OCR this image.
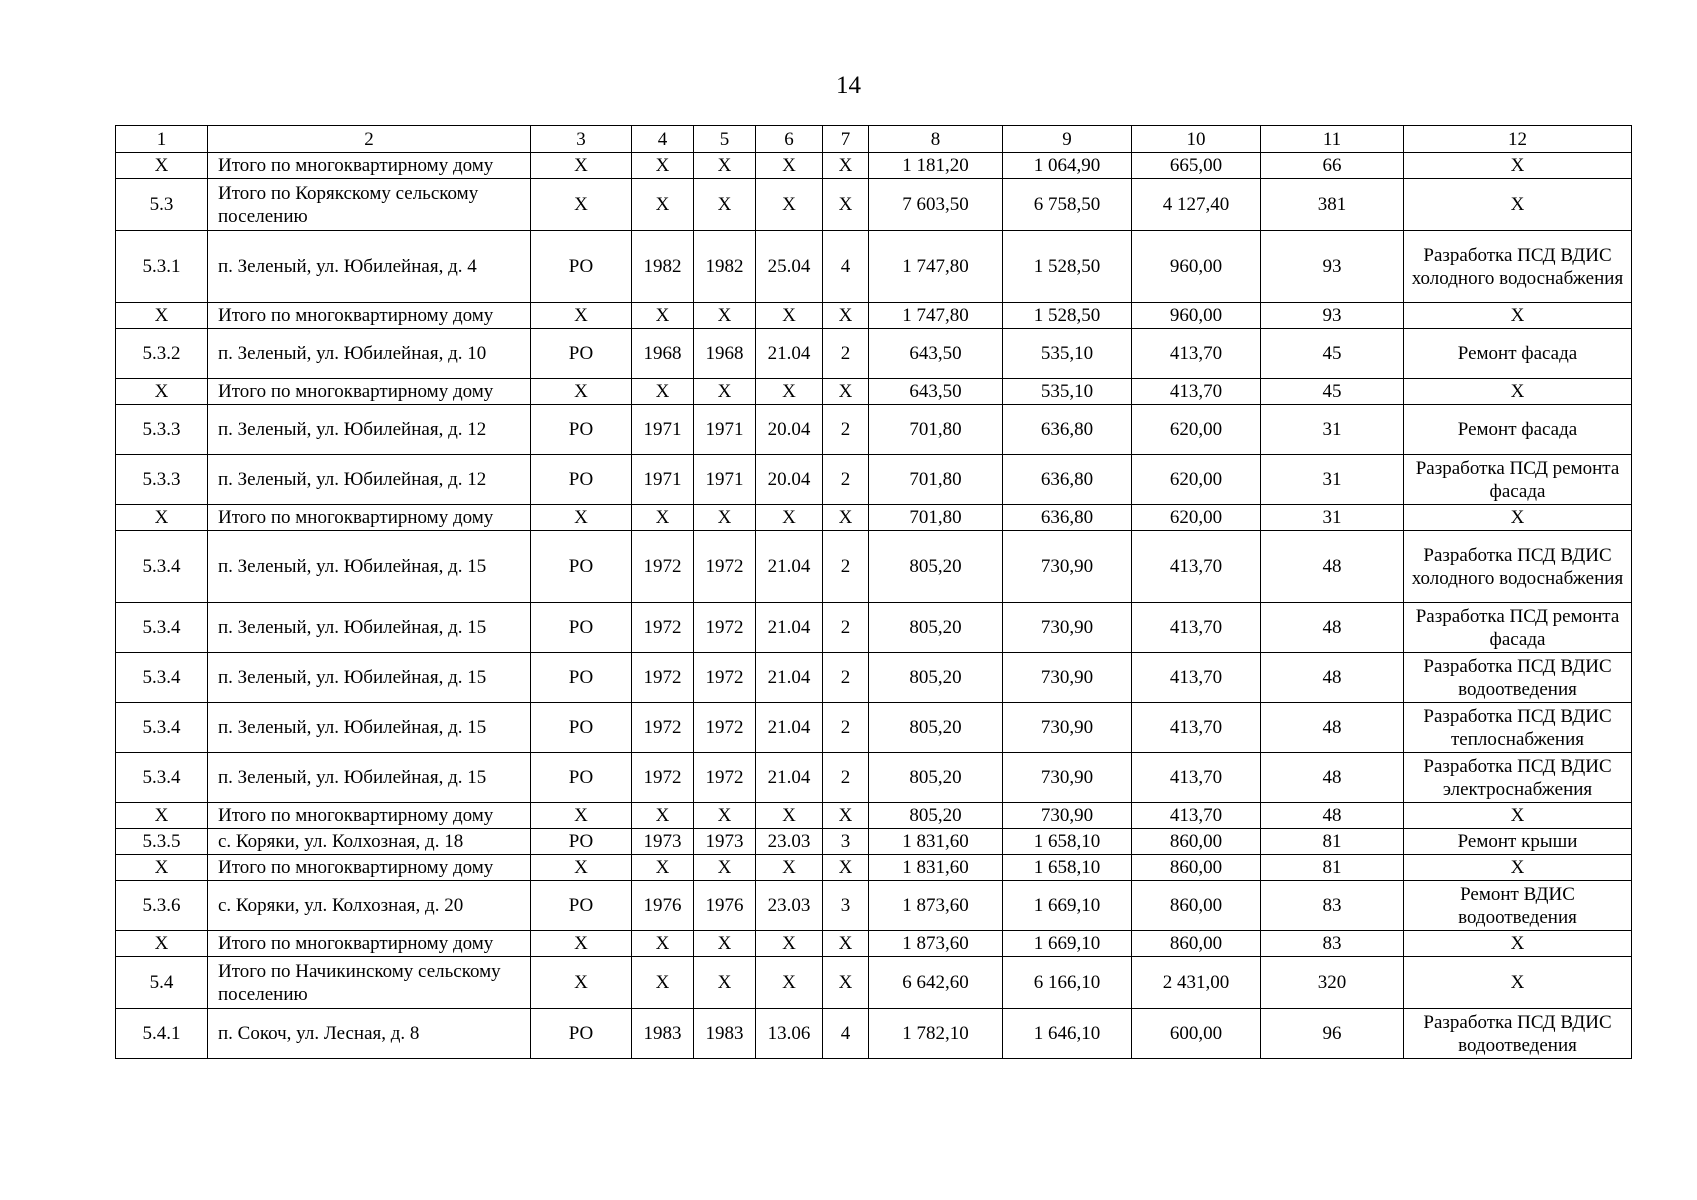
14
1	2	3	4	5	6	7	8	9	10	11	12
X	Итого по многоквартирному дому	X	X	X	X	X	1 181,20	1 064,90	665,00	66	X
5.3	Итого по Корякскому сельскому поселению	X	X	X	X	X	7 603,50	6 758,50	4 127,40	381	X
5.3.1	п. Зеленый, ул. Юбилейная, д. 4	РО	1982	1982	25.04	4	1 747,80	1 528,50	960,00	93	Разработка ПСД ВДИС холодного водоснабжения
X	Итого по многоквартирному дому	X	X	X	X	X	1 747,80	1 528,50	960,00	93	X
5.3.2	п. Зеленый, ул. Юбилейная, д. 10	РО	1968	1968	21.04	2	643,50	535,10	413,70	45	Ремонт фасада
X	Итого по многоквартирному дому	X	X	X	X	X	643,50	535,10	413,70	45	X
5.3.3	п. Зеленый, ул. Юбилейная, д. 12	РО	1971	1971	20.04	2	701,80	636,80	620,00	31	Ремонт фасада
5.3.3	п. Зеленый, ул. Юбилейная, д. 12	РО	1971	1971	20.04	2	701,80	636,80	620,00	31	Разработка ПСД ремонта фасада
X	Итого по многоквартирному дому	X	X	X	X	X	701,80	636,80	620,00	31	X
5.3.4	п. Зеленый, ул. Юбилейная, д. 15	РО	1972	1972	21.04	2	805,20	730,90	413,70	48	Разработка ПСД ВДИС холодного водоснабжения
5.3.4	п. Зеленый, ул. Юбилейная, д. 15	РО	1972	1972	21.04	2	805,20	730,90	413,70	48	Разработка ПСД ремонта фасада
5.3.4	п. Зеленый, ул. Юбилейная, д. 15	РО	1972	1972	21.04	2	805,20	730,90	413,70	48	Разработка ПСД ВДИС водоотведения
5.3.4	п. Зеленый, ул. Юбилейная, д. 15	РО	1972	1972	21.04	2	805,20	730,90	413,70	48	Разработка ПСД ВДИС теплоснабжения
5.3.4	п. Зеленый, ул. Юбилейная, д. 15	РО	1972	1972	21.04	2	805,20	730,90	413,70	48	Разработка ПСД ВДИС электроснабжения
X	Итого по многоквартирному дому	X	X	X	X	X	805,20	730,90	413,70	48	X
5.3.5	с. Коряки, ул. Колхозная, д. 18	РО	1973	1973	23.03	3	1 831,60	1 658,10	860,00	81	Ремонт крыши
X	Итого по многоквартирному дому	X	X	X	X	X	1 831,60	1 658,10	860,00	81	X
5.3.6	с. Коряки, ул. Колхозная, д. 20	РО	1976	1976	23.03	3	1 873,60	1 669,10	860,00	83	Ремонт ВДИС водоотведения
X	Итого по многоквартирному дому	X	X	X	X	X	1 873,60	1 669,10	860,00	83	X
5.4	Итого по Начикинскому сельскому поселению	X	X	X	X	X	6 642,60	6 166,10	2 431,00	320	X
5.4.1	п. Сокоч, ул. Лесная, д. 8	РО	1983	1983	13.06	4	1 782,10	1 646,10	600,00	96	Разработка ПСД ВДИС водоотведения
